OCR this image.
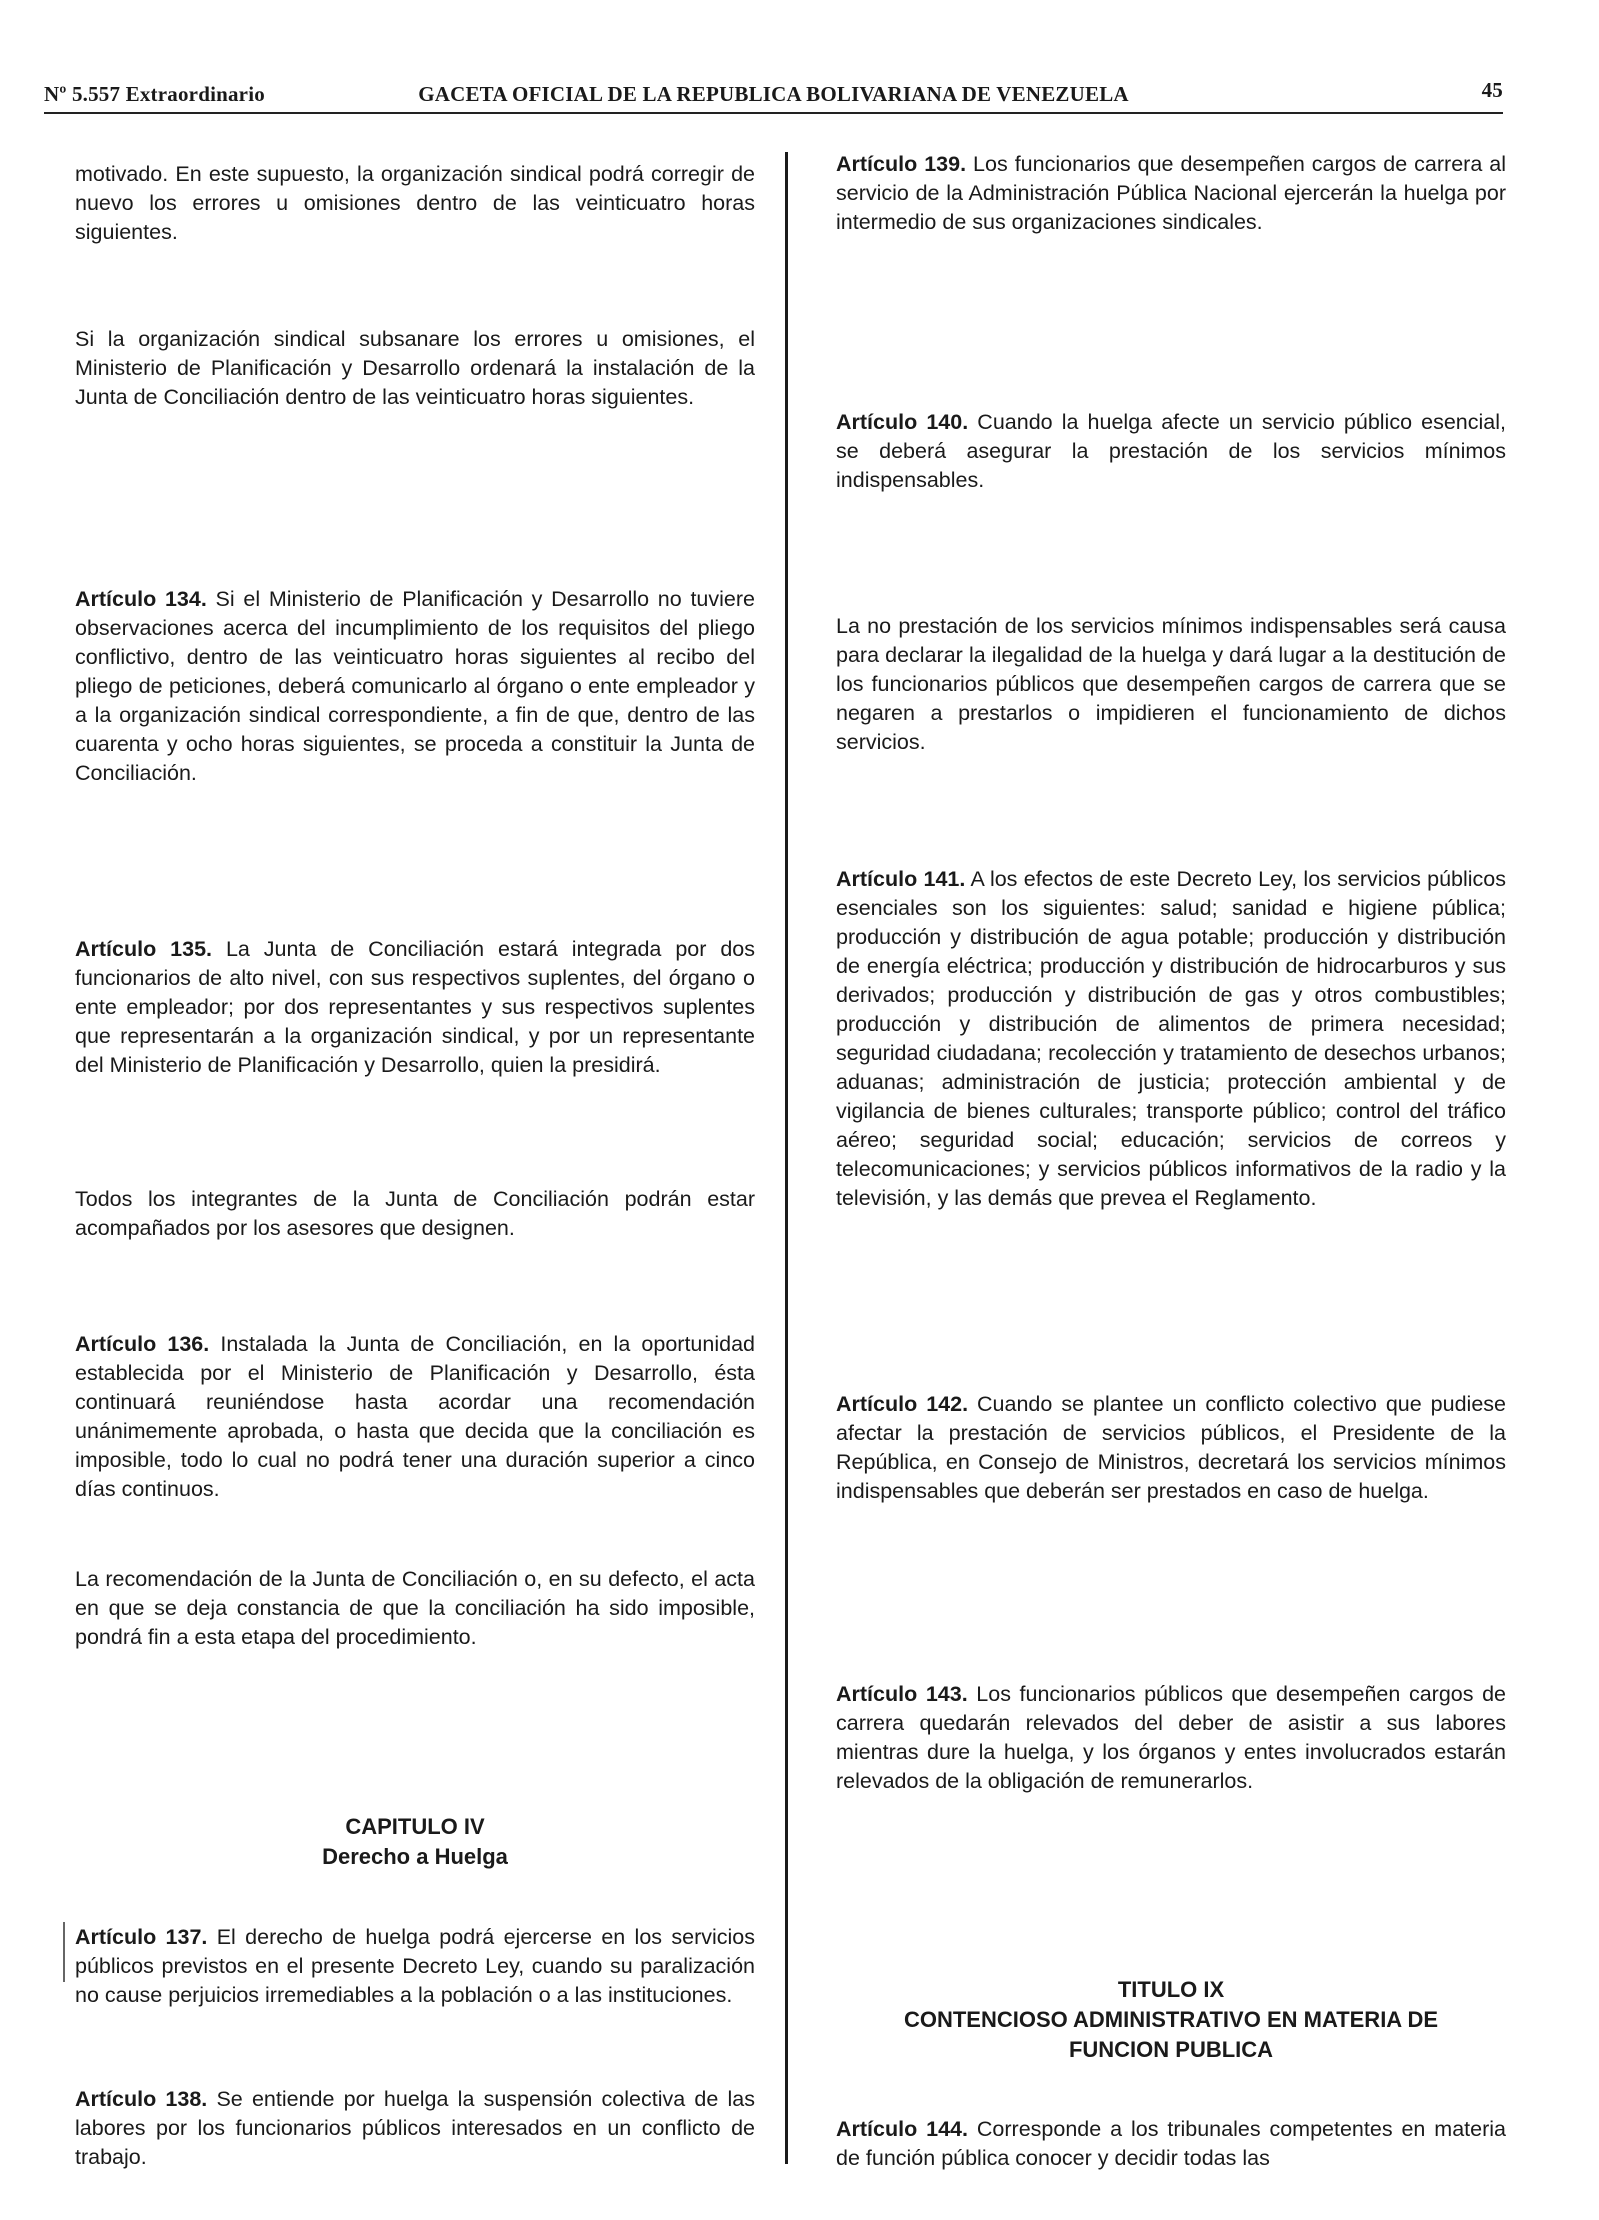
Nº 5.557 Extraordinario	GACETA OFICIAL DE LA REPUBLICA BOLIVARIANA DE VENEZUELA	45
motivado. En este supuesto, la organización sindical podrá corregir de nuevo los errores u omisiones dentro de las veinticuatro horas siguientes.
Si la organización sindical subsanare los errores u omisiones, el Ministerio de Planificación y Desarrollo ordenará la instalación de la Junta de Conciliación dentro de las veinticuatro horas siguientes.
Artículo 134. Si el Ministerio de Planificación y Desarrollo no tuviere observaciones acerca del incumplimiento de los requisitos del pliego conflictivo, dentro de las veinticuatro horas siguientes al recibo del pliego de peticiones, deberá comunicarlo al órgano o ente empleador y a la organización sindical correspondiente, a fin de que, dentro de las cuarenta y ocho horas siguientes, se proceda a constituir la Junta de Conciliación.
Artículo 135. La Junta de Conciliación estará integrada por dos funcionarios de alto nivel, con sus respectivos suplentes, del órgano o ente empleador; por dos representantes y sus respectivos suplentes que representarán a la organización sindical, y por un representante del Ministerio de Planificación y Desarrollo, quien la presidirá.
Todos los integrantes de la Junta de Conciliación podrán estar acompañados por los asesores que designen.
Artículo 136. Instalada la Junta de Conciliación, en la oportunidad establecida por el Ministerio de Planificación y Desarrollo, ésta continuará reuniéndose hasta acordar una recomendación unánimemente aprobada, o hasta que decida que la conciliación es imposible, todo lo cual no podrá tener una duración superior a cinco días continuos.
La recomendación de la Junta de Conciliación o, en su defecto, el acta en que se deja constancia de que la conciliación ha sido imposible, pondrá fin a esta etapa del procedimiento.
CAPITULO IV
Derecho a Huelga
Artículo 137. El derecho de huelga podrá ejercerse en los servicios públicos previstos en el presente Decreto Ley, cuando su paralización no cause perjuicios irremediables a la población o a las instituciones.
Artículo 138. Se entiende por huelga la suspensión colectiva de las labores por los funcionarios públicos interesados en un conflicto de trabajo.
Artículo 139. Los funcionarios que desempeñen cargos de carrera al servicio de la Administración Pública Nacional ejercerán la huelga por intermedio de sus organizaciones sindicales.
Artículo 140. Cuando la huelga afecte un servicio público esencial, se deberá asegurar la prestación de los servicios mínimos indispensables.
La no prestación de los servicios mínimos indispensables será causa para declarar la ilegalidad de la huelga y dará lugar a la destitución de los funcionarios públicos que desempeñen cargos de carrera que se negaren a prestarlos o impidieren el funcionamiento de dichos servicios.
Artículo 141. A los efectos de este Decreto Ley, los servicios públicos esenciales son los siguientes: salud; sanidad e higiene pública; producción y distribución de agua potable; producción y distribución de energía eléctrica; producción y distribución de hidrocarburos y sus derivados; producción y distribución de gas y otros combustibles; producción y distribución de alimentos de primera necesidad; seguridad ciudadana; recolección y tratamiento de desechos urbanos; aduanas; administración de justicia; protección ambiental y de vigilancia de bienes culturales; transporte público; control del tráfico aéreo; seguridad social; educación; servicios de correos y telecomunicaciones; y servicios públicos informativos de la radio y la televisión, y las demás que prevea el Reglamento.
Artículo 142. Cuando se plantee un conflicto colectivo que pudiese afectar la prestación de servicios públicos, el Presidente de la República, en Consejo de Ministros, decretará los servicios mínimos indispensables que deberán ser prestados en caso de huelga.
Artículo 143. Los funcionarios públicos que desempeñen cargos de carrera quedarán relevados del deber de asistir a sus labores mientras dure la huelga, y los órganos y entes involucrados estarán relevados de la obligación de remunerarlos.
TITULO IX
CONTENCIOSO ADMINISTRATIVO EN MATERIA DE
FUNCION PUBLICA
Artículo 144. Corresponde a los tribunales competentes en materia de función pública conocer y decidir todas las
